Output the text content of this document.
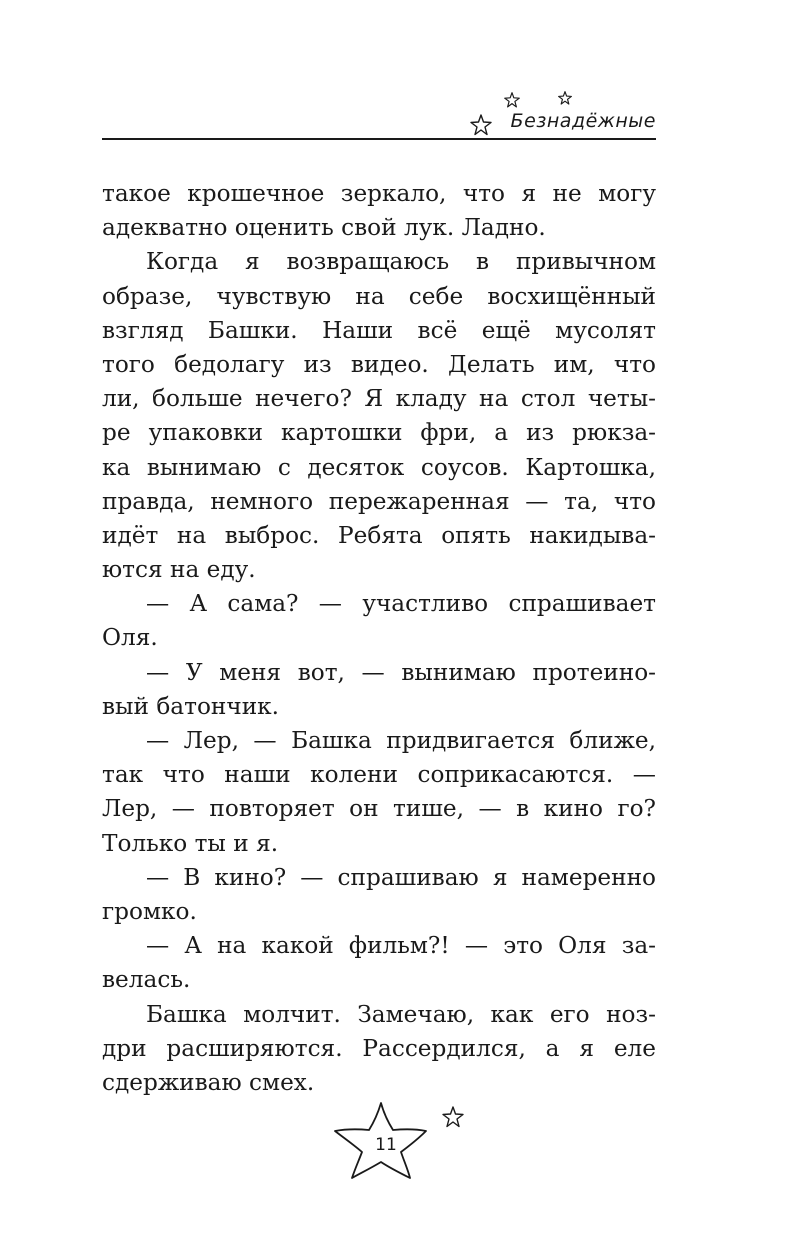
Безнадёжные
такое крошечное зеркало, что я не могу
адекватно оценить свой лук. Ладно.
Когда я возвращаюсь в привычном
образе, чувствую на себе восхищённый
взгляд Башки. Наши всё ещё мусолят
того бедолагу из видео. Делать им, что
ли, больше нечего? Я кладу на стол четы-
ре упаковки картошки фри, а из рюкза-
ка вынимаю с десяток соусов. Картошка,
правда, немного пережаренная — та, что
идёт на выброс. Ребята опять накидыва-
ются на еду.
— А сама? — участливо спрашивает
Оля.
— У меня вот, — вынимаю протеино-
вый батончик.
— Лер, — Башка придвигается ближе,
так что наши колени соприкасаются. —
Лер, — повторяет он тише, — в кино го?
Только ты и я.
— В кино? — спрашиваю я намеренно
громко.
— А на какой фильм?! — это Оля за-
велась.
Башка молчит. Замечаю, как его ноз-
дри расширяются. Рассердился, а я еле
сдерживаю смех.
11
